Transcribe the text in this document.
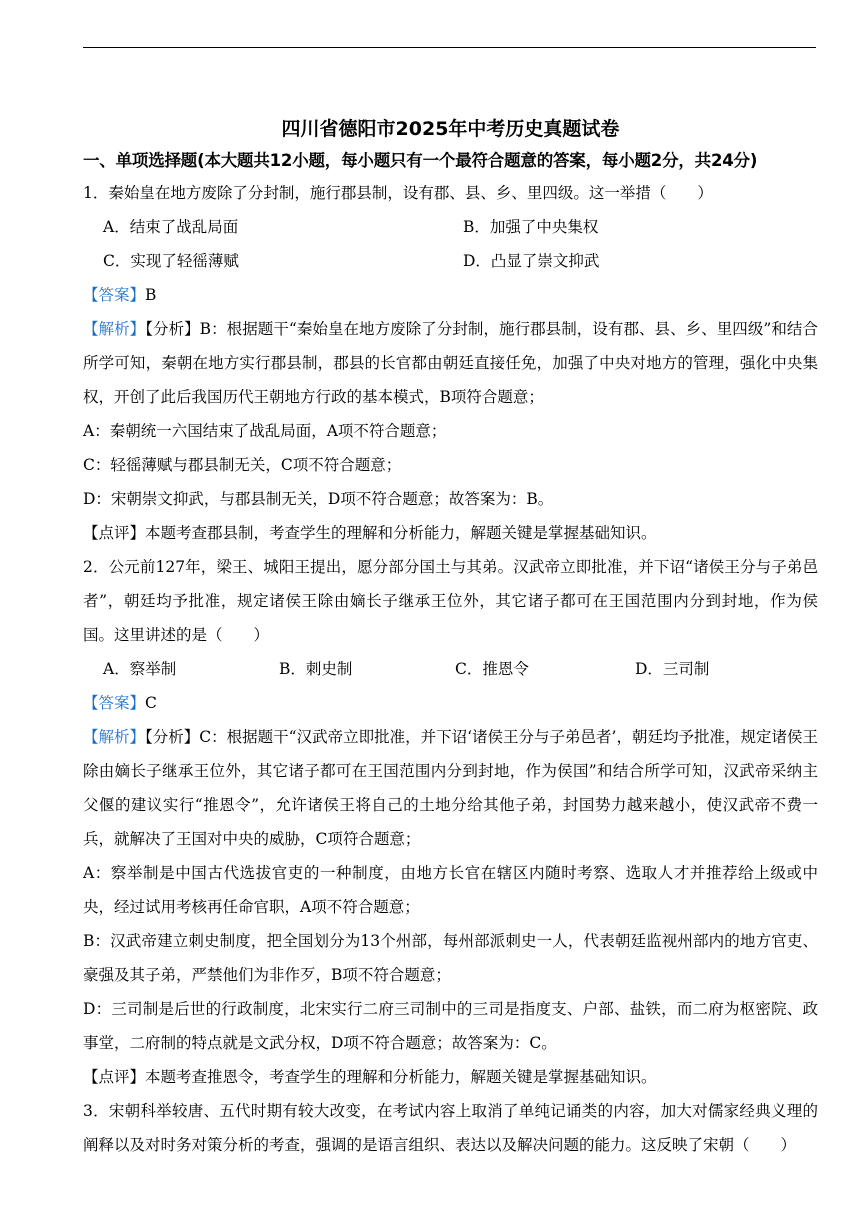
四川省德阳市2025年中考历史真题试卷
一、单项选择题(本大题共12小题，每小题只有一个最符合题意的答案，每小题2分，共24分)

1．秦始皇在地方废除了分封制，施行郡县制，设有郡、县、乡、里四级。这一举措（　　）

A．结束了战乱局面	B．加强了中央集权
C．实现了轻徭薄赋	D．凸显了崇文抑武

【答案】B

【解析】【分析】B：根据题干“秦始皇在地方废除了分封制，施行郡县制，设有郡、县、乡、里四级”和结合所学可知，秦朝在地方实行郡县制，郡县的长官都由朝廷直接任免，加强了中央对地方的管理，强化中央集权，开创了此后我国历代王朝地方行政的基本模式，B项符合题意；

A：秦朝统一六国结束了战乱局面，A项不符合题意；

C：轻徭薄赋与郡县制无关，C项不符合题意；

D：宋朝崇文抑武，与郡县制无关，D项不符合题意；故答案为：B。

【点评】本题考查郡县制，考查学生的理解和分析能力，解题关键是掌握基础知识。

2．公元前127年，梁王、城阳王提出，愿分部分国土与其弟。汉武帝立即批准，并下诏“诸侯王分与子弟邑者”，朝廷均予批准，规定诸侯王除由嫡长子继承王位外，其它诸子都可在王国范围内分到封地，作为侯国。这里讲述的是（　　）

A．察举制	B．刺史制	C．推恩令	D．三司制

【答案】C

【解析】【分析】C：根据题干“汉武帝立即批准，并下诏‘诸侯王分与子弟邑者’，朝廷均予批准，规定诸侯王除由嫡长子继承王位外，其它诸子都可在王国范围内分到封地，作为侯国”和结合所学可知，汉武帝采纳主父偃的建议实行“推恩令”，允许诸侯王将自己的土地分给其他子弟，封国势力越来越小，使汉武帝不费一兵，就解决了王国对中央的威胁，C项符合题意；

A：察举制是中国古代选拔官吏的一种制度，由地方长官在辖区内随时考察、选取人才并推荐给上级或中央，经过试用考核再任命官职，A项不符合题意；

B：汉武帝建立刺史制度，把全国划分为13个州部，每州部派刺史一人，代表朝廷监视州部内的地方官吏、豪强及其子弟，严禁他们为非作歹，B项不符合题意；

D：三司制是后世的行政制度，北宋实行二府三司制中的三司是指度支、户部、盐铁，而二府为枢密院、政事堂，二府制的特点就是文武分权，D项不符合题意；故答案为：C。

【点评】本题考查推恩令，考查学生的理解和分析能力，解题关键是掌握基础知识。

3．宋朝科举较唐、五代时期有较大改变，在考试内容上取消了单纯记诵类的内容，加大对儒家经典义理的阐释以及对时务对策分析的考查，强调的是语言组织、表达以及解决问题的能力。这反映了宋朝（　　）
